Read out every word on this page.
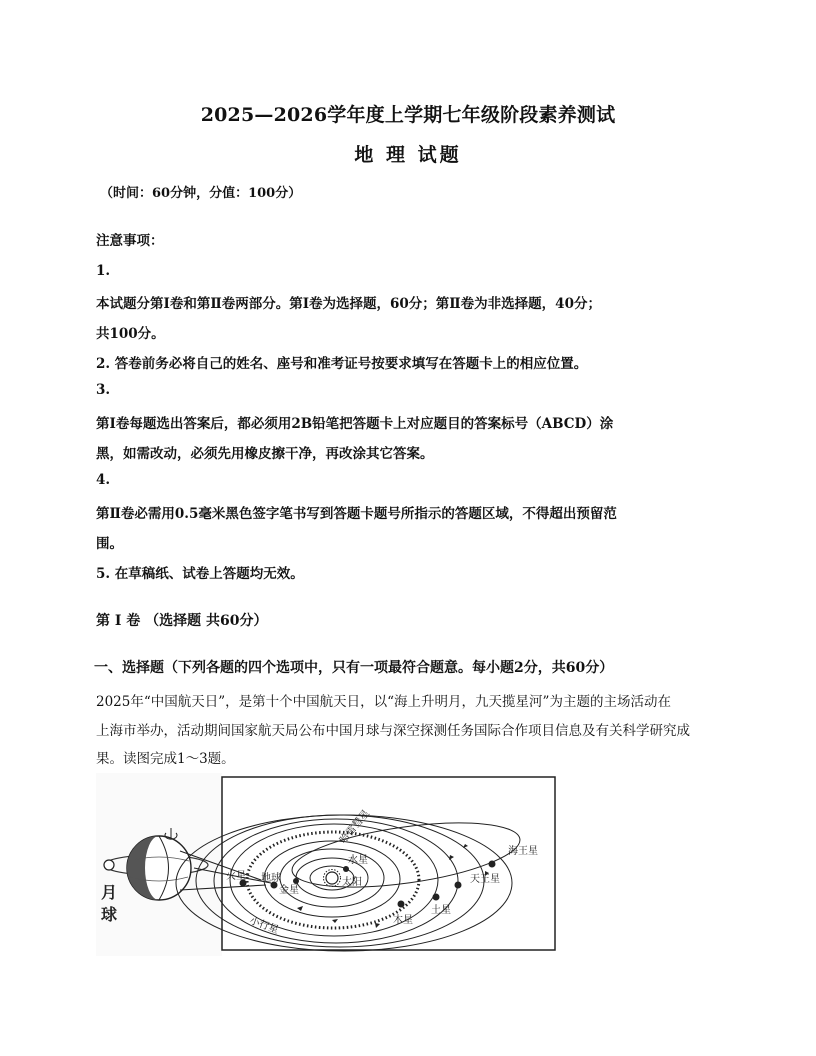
2025—2026学年度上学期七年级阶段素养测试
地 理 试题
（时间：60分钟，分值：100分）
注意事项：
1.
本试题分第Ⅰ卷和第Ⅱ卷两部分。第Ⅰ卷为选择题，60分；第Ⅱ卷为非选择题，40分；
共100分。
2. 答卷前务必将自己的姓名、座号和准考证号按要求填写在答题卡上的相应位置。
3.
第Ⅰ卷每题选出答案后，都必须用2B铅笔把答题卡上对应题目的答案标号（ABCD）涂
黑，如需改动，必须先用橡皮擦干净，再改涂其它答案。
4.
第Ⅱ卷必需用0.5毫米黑色签字笔书写到答题卡题号所指示的答题区域，不得超出预留范
围。
5. 在草稿纸、试卷上答题均无效。
第 Ⅰ 卷 （选择题 共60分）
一、选择题（下列各题的四个选项中，只有一项最符合题意。每小题2分，共60分）
2025年“中国航天日”，是第十个中国航天日，以“海上升明月，九天揽星河”为主题的主场活动在
上海市举办，活动期间国家航天局公布中国月球与深空探测任务国际合作项目信息及有关科学研究成
果。读图完成1～3题。
月
球
太阳
水星
金星
地球
火星
木星
土星
天王星
海王星
小行星
哈雷彗星
